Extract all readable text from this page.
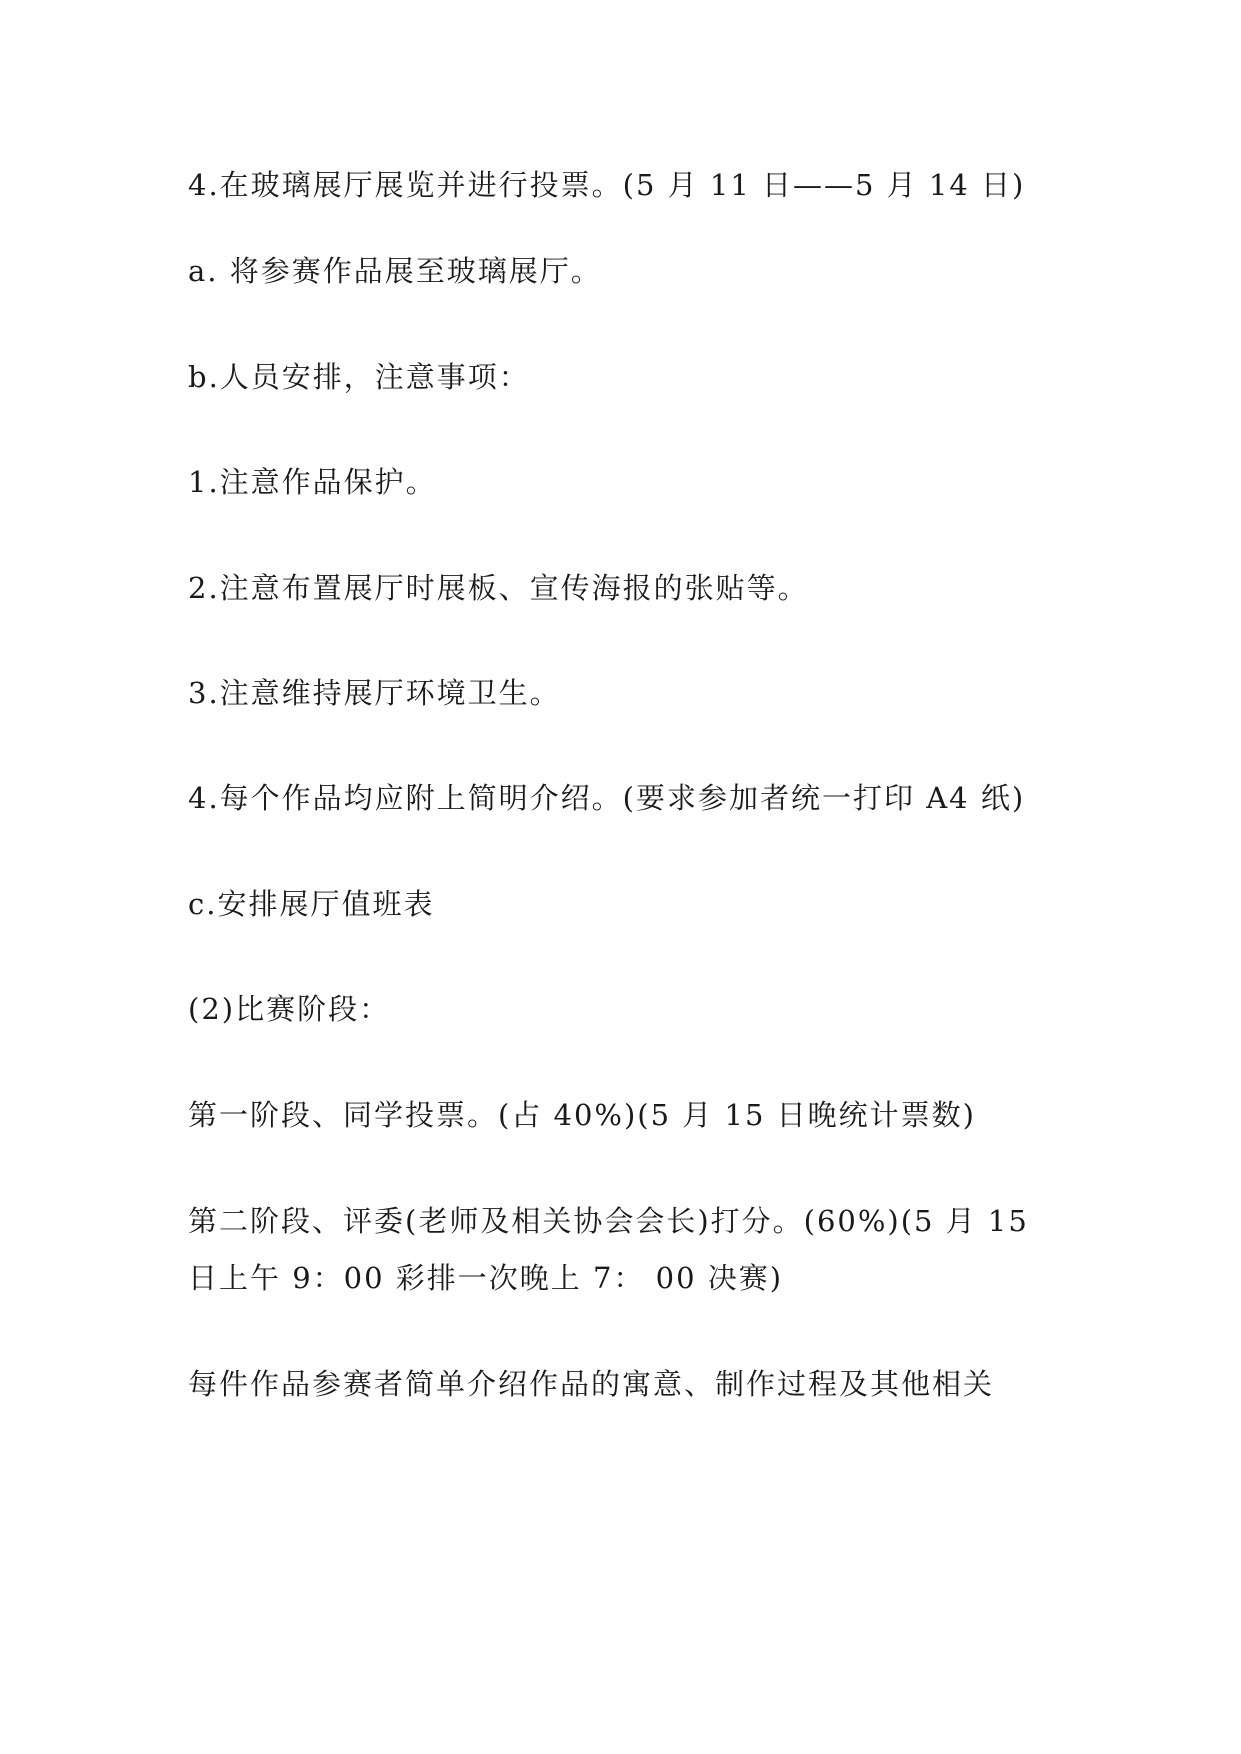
4.在玻璃展厅展览并进行投票。(5 月 11 日——5 月 14 日)
a. 将参赛作品展至玻璃展厅。
b.人员安排，注意事项：
1.注意作品保护。
2.注意布置展厅时展板、宣传海报的张贴等。
3.注意维持展厅环境卫生。
4.每个作品均应附上简明介绍。(要求参加者统一打印 A4 纸)
c.安排展厅值班表
(2)比赛阶段：
第一阶段、同学投票。(占 40%)(5 月 15 日晚统计票数)
第二阶段、评委(老师及相关协会会长)打分。(60%)(5 月 15
日上午 9：00 彩排一次晚上 7： 00 决赛)
每件作品参赛者简单介绍作品的寓意、制作过程及其他相关
